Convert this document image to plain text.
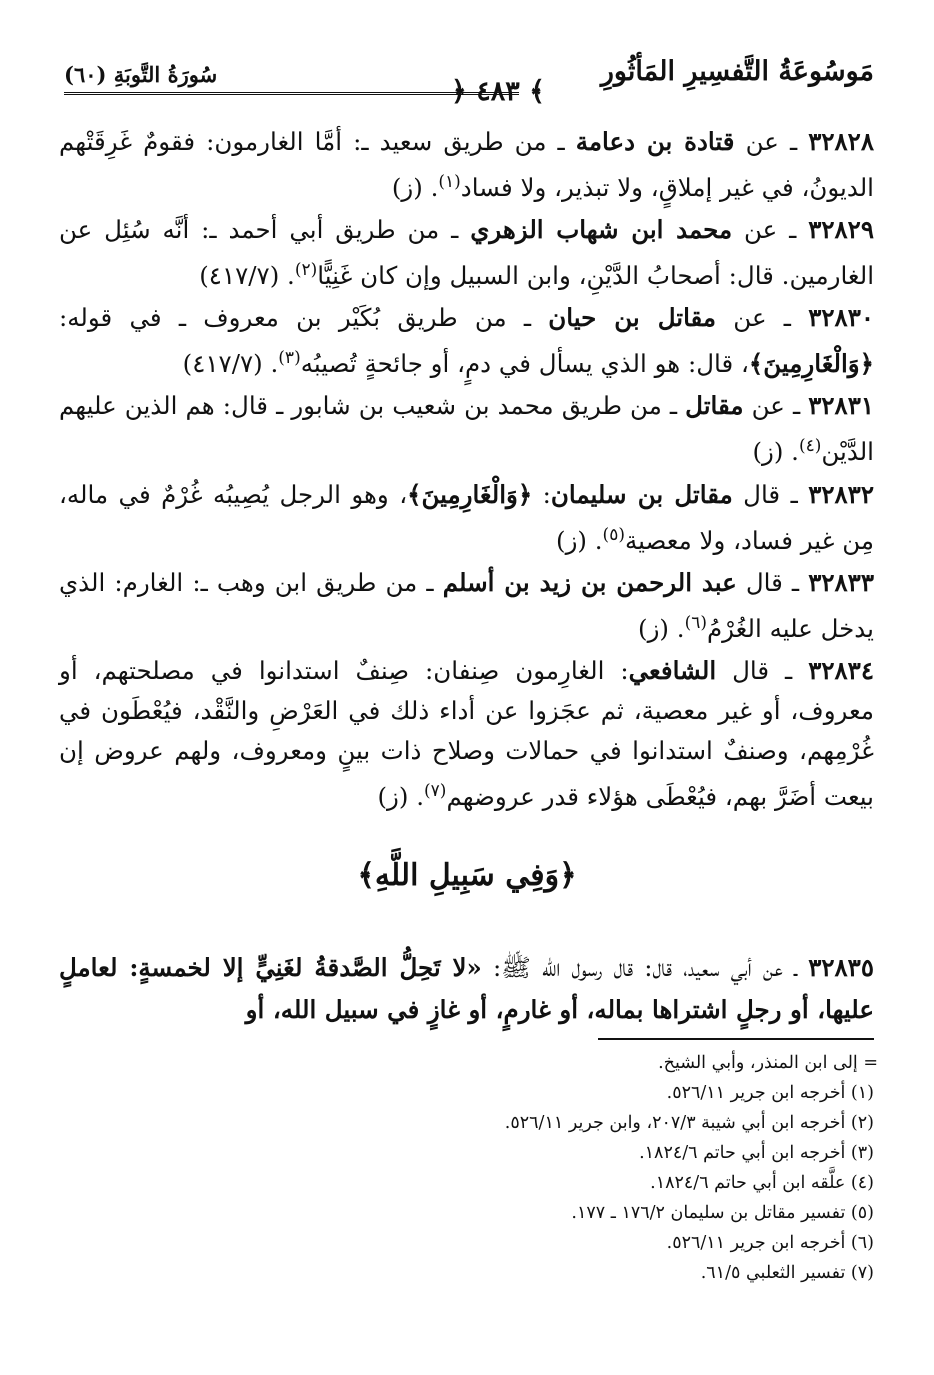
مَوسُوعَةُ التَّفسِيرِ المَأثُورِ
﴾ ٤٨٣ ﴿
سُورَةُ التَّوبَةِ (٦٠)

٣٢٨٢٨ ـ عن قتادة بن دعامة ـ من طريق سعيد ـ: أمَّا الغارمون: فقومٌ غَرِقَتْهم الديونُ، في غير إملاقٍ، ولا تبذير، ولا فساد$^{(١)}$. (ز)

٣٢٨٢٩ ـ عن محمد ابن شهاب الزهري ـ من طريق أبي أحمد ـ: أنَّه سُئِل عن الغارمين. قال: أصحابُ الدَّيْنِ، وابن السبيل وإن كان غَنِيًّا$^{(٢)}$. (٤١٧/٧)

٣٢٨٣٠ ـ عن مقاتل بن حيان ـ من طريق بُكَيْر بن معروف ـ في قوله: ﴿وَالْغَارِمِينَ﴾، قال: هو الذي يسأل في دمٍ، أو جائحةٍ تُصيبُه$^{(٣)}$. (٤١٧/٧)

٣٢٨٣١ ـ عن مقاتل ـ من طريق محمد بن شعيب بن شابور ـ قال: هم الذين عليهم الدَّيْن$^{(٤)}$. (ز)

٣٢٨٣٢ ـ قال مقاتل بن سليمان: ﴿وَالْغَارِمِينَ﴾، وهو الرجل يُصِيبُه غُرْمٌ في ماله، مِن غير فساد، ولا معصية$^{(٥)}$. (ز)

٣٢٨٣٣ ـ قال عبد الرحمن بن زيد بن أسلم ـ من طريق ابن وهب ـ: الغارم: الذي يدخل عليه الغُرْمُ$^{(٦)}$. (ز)

٣٢٨٣٤ ـ قال الشافعي: الغارِمون صِنفان: صِنفٌ استدانوا في مصلحتهم، أو معروف، أو غير معصية، ثم عجَزوا عن أداء ذلك في العَرْضِ والنَّقْد، فيُعْطَون في غُرْمِهم، وصنفٌ استدانوا في حمالات وصلاح ذات بينٍ ومعروف، ولهم عروض إن بيعت أضَرَّ بهم، فيُعْطَى هؤلاء قدر عروضهم$^{(٧)}$. (ز)

﴿وَفِي سَبِيلِ اللَّهِ﴾

٣٢٨٣٥ ـ عن أبي سعيد، قال: قال رسول الله ﷺ: «لا تَحِلُّ الصَّدقةُ لغَنِيٍّ إلا لخمسةٍ: لعاملٍ عليها، أو رجلٍ اشتراها بماله، أو غارمٍ، أو غازٍ في سبيل الله، أو

= إلى ابن المنذر، وأبي الشيخ.
(١) أخرجه ابن جرير ٥٢٦/١١.
(٢) أخرجه ابن أبي شيبة ٢٠٧/٣، وابن جرير ٥٢٦/١١.
(٣) أخرجه ابن أبي حاتم ١٨٢٤/٦.
(٤) علَّقه ابن أبي حاتم ١٨٢٤/٦.
(٥) تفسير مقاتل بن سليمان ١٧٦/٢ ـ ١٧٧.
(٦) أخرجه ابن جرير ٥٢٦/١١.
(٧) تفسير الثعلبي ٦١/٥.
